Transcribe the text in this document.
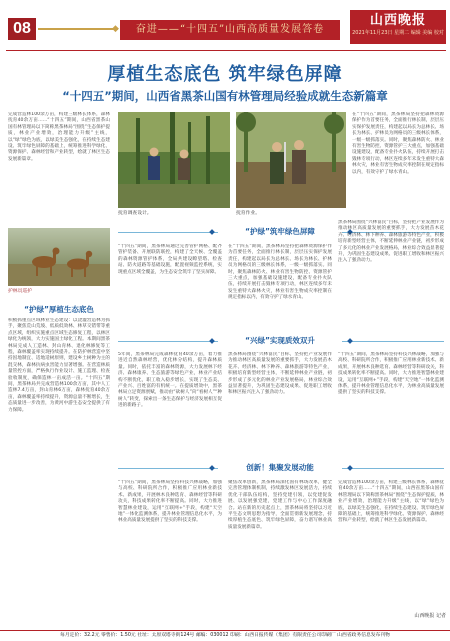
08	◆	奋进——“十四五”山西高质量发展答卷
山西晚报
2021年11月23日 星期二 编辑 美编 校对
厚植生态底色 筑牢绿色屏障
“十四五”期间，山西省黑茶山国有林管理局经验成就生态新篇章
完成营造林100余万亩，构建三级林长体系，森林抚育40余万亩……“十四五”期间，山西省黑茶山国有林管理局以下简称黑茶林局“围绕”生态保护提质，林业产业增效，治理能力升级”主线，以“绿”绿色为底，以绿美生态强化，在持续生态建设、筑牢绿色屏障的基础上，统筹推进科学绿化、资源保护、森林经营和产业转型，绘就了林区生态发展新篇章。
护林员巡护
抚育调查设计。	抚育作业。
在“十四五”期间，黑茶林局坚持把森林资源保护作为首要任务，全面推行林长制，层层压实保护发展责任，构建起以局长为总林长、场长为林长、护林员为网格员的三级林长体系，一级一级抓落实。同时，聚焦森林防火、林业有害生物防控、资源管护三大重点，加强基础设施建设，配备专业扑火队伍，持续开展打击毁林专项行动，林区连续多年未发生重特大森林火灾，林业有害生物成灾率控制在规定指标以内，有效守护了绿水青山。
“护绿”厚植生态底色
积极抓重点区域林业生态建设：以浇灌营造林为抓手，聚焦荒山荒坡、低质低效林、林草交错带等重点区域，组织实施重点区域生态修复工程，以林区绿化为统领，大力实施国土绿化工程。本期间黑茶林局完成人工造林、封山育林、退化林修复等工程，森林覆盖率实现持续提升。在防护林营造中坚持因地制宜、适地适树原则，建设乡土树种为主的混交林，森林抗病虫害能力显著增强。在营造林质量管控方面，严格执行作业设计、施工监理、检查验收制度，确保造林一亩成活一亩。“十四五”期间，黑茶林局共完成营造林100余万亩，其中人工造林7.4万亩，封山育林6万亩，森林抚育40余万亩，森林覆盖率持续提升，资源总量不断增长，生态质量进一步改善，为黄河中游生态安全提供了有力保障。
“护绿”筑牢绿色屏障
“十四五”期间，黑茶林局通过完善管护网格、配齐管护装备、开展联防联控，构建了全天候、全覆盖的森林资源管护体系，全局共建设瞭望塔、检查站、防火道路等基础设施，配置视频监控系统，实现重点区域全覆盖，为生态安全筑牢了坚实屏障。
在“十四五”期间，黑茶林局坚持把森林资源保护作为首要任务，全面推行林长制，层层压实保护发展责任，构建起以局长为总林长、场长为林长、护林员为网格员的三级林长体系，一级一级抓落实。同时，聚焦森林防火、林业有害生物防控、资源管护三大重点，加强基础设施建设，配备专业扑火队伍，持续开展打击毁林专项行动，林区连续多年未发生重特大森林火灾，林业有害生物成灾率控制在规定指标以内，有效守护了绿水青山。
黑茶林局围绕“兴林富民”目标，坚持把产业发展作为推动林区高质量发展的重要抓手，大力发展苗木花卉、经济林、林下种养、森林旅游等特色产业，积极培育新型经营主体，不断延伸林业产业链，初步形成了多元化的林业产业发展格局，林业综合效益显著提升，为巩固生态建设成果、促进职工增收和林区振兴注入了强劲动力。
“兴绿”实现质效双升
5年间，黑茶林局完成森林抚育40余万亩，着力推进近自然森林经营，优化林分结构，提升森林质量。同时，依托丰富的森林资源，大力发展林下经济、森林康养、生态旅游等绿色产业，林业产业结构不断优化，职工收入稳步增长，实现了生态美、产业兴、百姓富的有机统一。在提质增效中，黑茶林局立足资源禀赋，推动由“砍树人”向“看树人”“种树人”转变，探索出一条生态保护与经济发展相互促进的新路子。
黑茶林局围绕“兴林富民”目标，坚持把产业发展作为推动林区高质量发展的重要抓手，大力发展苗木花卉、经济林、林下种养、森林旅游等特色产业，积极培育新型经营主体，不断延伸林业产业链，初步形成了多元化的林业产业发展格局，林业综合效益显著提升，为巩固生态建设成果、促进职工增收和林区振兴注入了强劲动力。
“十四五”期间，黑茶林局坚持科技兴林战略，加强与高校、科研院所合作，积极推广应用林业新技术、新成果，开展林木良种选育、森林经营等科研攻关，科技成果转化率不断提高。同时，大力推进智慧林业建设，运用“互联网+”手段，构建“天空地”一体化监测体系，提升林业管理信息化水平，为林业高质量发展提供了坚实的科技支撑。
创新！集聚发展动能
“十四五”期间，黑茶林局坚持科技兴林战略，加强与高校、科研院所合作，积极推广应用林业新技术、新成果，开展林木良种选育、森林经营等科研攻关，科技成果转化率不断提高。同时，大力推进智慧林业建设，运用“互联网+”手段，构建“天空地”一体化监测体系，提升林业管理信息化水平，为林业高质量发展提供了坚实的科技支撑。
聚焦改革创新，黑茶林局深化国有林场改革，健全完善管理体制机制，持续激发林区发展活力，持续优化干部队伍结构，坚持党建引领，以党建促发展、以发展强党建，党建工作与中心工作深度融合。站在新的历史起点上，黑茶林局将坚持以习近平生态文明思想为指导，全面贯彻新发展理念，持续厚植生态底色、筑牢绿色屏障，奋力谱写林业高质量发展新篇章。
完成营造林100余万亩，构建三级林长体系，森林抚育40余万亩……“十四五”期间，山西省黑茶山国有林管理局以下简称黑茶林局“围绕”生态保护提质，林业产业增效，治理能力升级”主线，以“绿”绿色为底，以绿美生态强化，在持续生态建设、筑牢绿色屏障的基础上，统筹推进科学绿化、资源保护、森林经营和产业转型，绘就了林区生态发展新篇章。
山西晚报 记者
每月定价：32.2元 零售价：1.50元 社址：太原双塔寺街124号 邮编：030012 印刷：山西日报传媒（集团）有限责任公司印刷厂 山西省政务信息发布刊物
